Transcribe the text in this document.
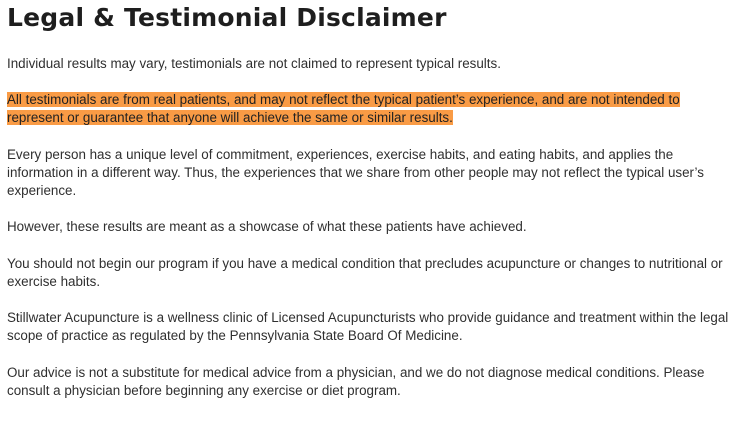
Legal & Testimonial Disclaimer

Individual results may vary, testimonials are not claimed to represent typical results.

All testimonials are from real patients, and may not reflect the typical patient’s experience, and are not intended to represent or guarantee that anyone will achieve the same or similar results.

Every person has a unique level of commitment, experiences, exercise habits, and eating habits, and applies the information in a different way. Thus, the experiences that we share from other people may not reflect the typical user’s experience.

However, these results are meant as a showcase of what these patients have achieved.

You should not begin our program if you have a medical condition that precludes acupuncture or changes to nutritional or exercise habits.

Stillwater Acupuncture is a wellness clinic of Licensed Acupuncturists who provide guidance and treatment within the legal scope of practice as regulated by the Pennsylvania State Board Of Medicine.

Our advice is not a substitute for medical advice from a physician, and we do not diagnose medical conditions. Please consult a physician before beginning any exercise or diet program.
